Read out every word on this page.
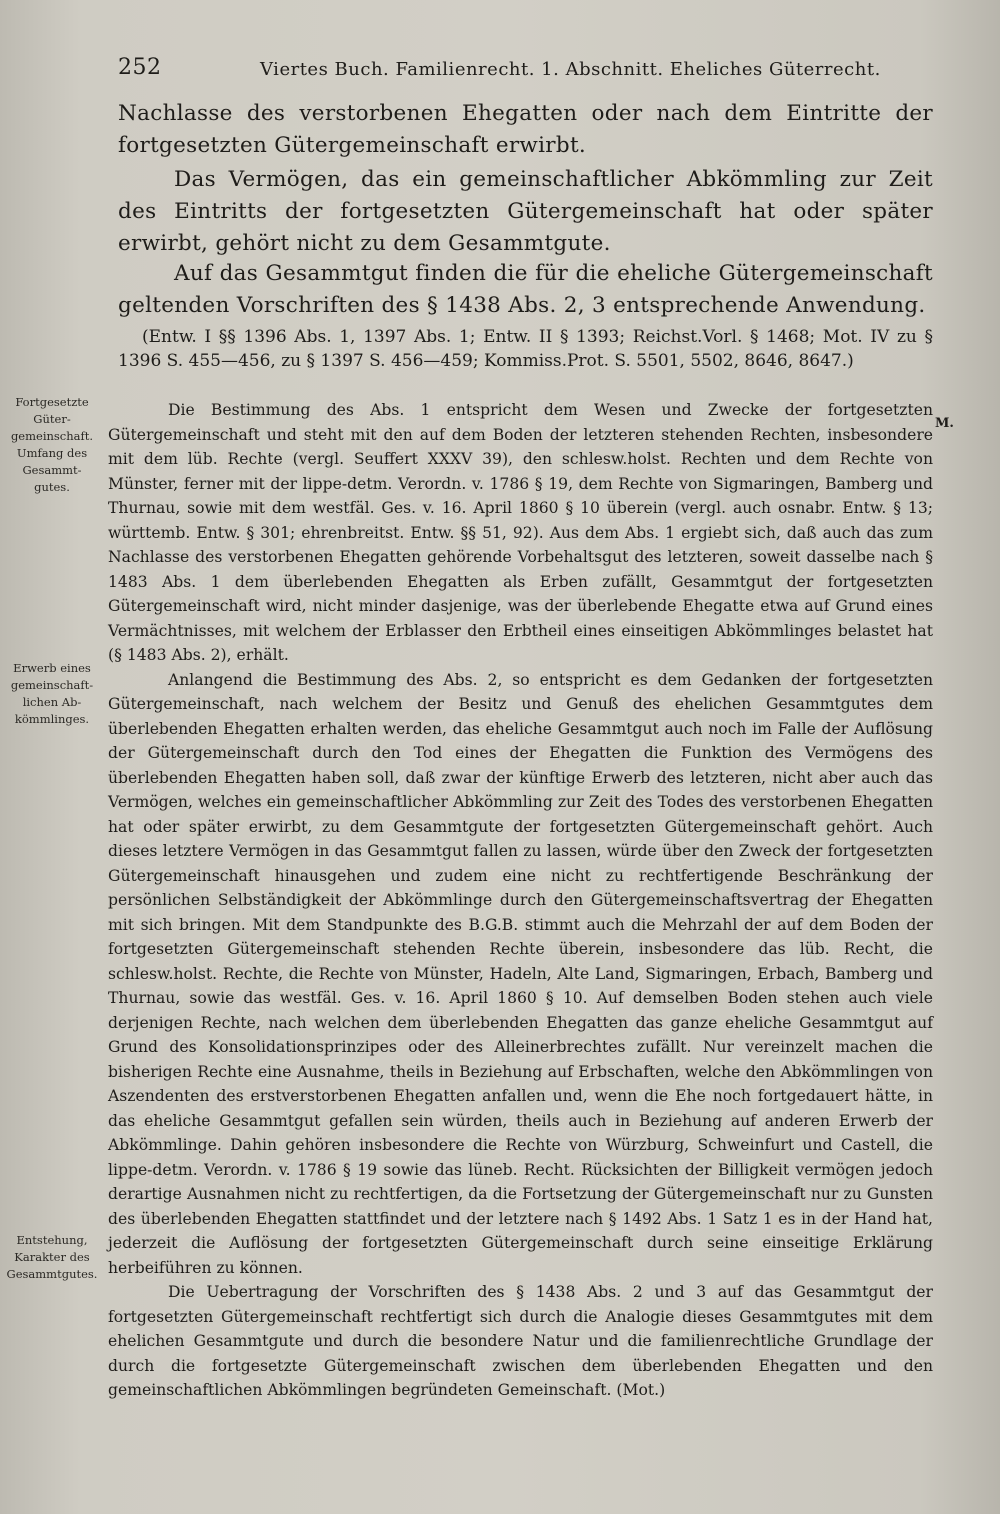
252	Viertes Buch. Familienrecht. 1. Abschnitt. Eheliches Güterrecht.
Nachlasse des verstorbenen Ehegatten oder nach dem Eintritte der fortgesetzten Gütergemeinschaft erwirbt.
Das Vermögen, das ein gemeinschaftlicher Abkömmling zur Zeit des Eintritts der fortgesetzten Gütergemeinschaft hat oder später erwirbt, gehört nicht zu dem Gesammtgute.
Auf das Gesammtgut finden die für die eheliche Gütergemeinschaft geltenden Vorschriften des § 1438 Abs. 2, 3 entsprechende Anwendung.
(Entw. I §§ 1396 Abs. 1, 1397 Abs. 1; Entw. II § 1393; Reichst.Vorl. § 1468; Mot. IV zu § 1396 S. 455—456, zu § 1397 S. 456—459; Kommiss.Prot. S. 5501, 5502, 8646, 8647.)
M.
Fortgesetzte
Güter-
gemeinschaft.
Umfang des
Gesammt-
gutes.
Erwerb eines
gemeinschaft-
lichen Ab-
kömmlinges.
Entstehung,
Karakter des
Gesammtgutes.

Die Bestimmung des Abs. 1 entspricht dem Wesen und Zwecke der fortgesetzten Gütergemeinschaft und steht mit den auf dem Boden der letzteren stehenden Rechten, insbesondere mit dem lüb. Rechte (vergl. Seuffert XXXV 39), den schlesw.holst. Rechten und dem Rechte von Münster, ferner mit der lippe-detm. Verordn. v. 1786 § 19, dem Rechte von Sigmaringen, Bamberg und Thurnau, sowie mit dem westfäl. Ges. v. 16. April 1860 § 10 überein (vergl. auch osnabr. Entw. § 13; württemb. Entw. § 301; ehrenbreitst. Entw. §§ 51, 92). Aus dem Abs. 1 ergiebt sich, daß auch das zum Nachlasse des verstorbenen Ehegatten gehörende Vorbehaltsgut des letzteren, soweit dasselbe nach § 1483 Abs. 1 dem überlebenden Ehegatten als Erben zufällt, Gesammtgut der fortgesetzten Gütergemeinschaft wird, nicht minder dasjenige, was der überlebende Ehegatte etwa auf Grund eines Vermächtnisses, mit welchem der Erblasser den Erbtheil eines einseitigen Abkömmlinges belastet hat (§ 1483 Abs. 2), erhält.

Anlangend die Bestimmung des Abs. 2, so entspricht es dem Gedanken der fortgesetzten Gütergemeinschaft, nach welchem der Besitz und Genuß des ehelichen Gesammtgutes dem überlebenden Ehegatten erhalten werden, das eheliche Gesammtgut auch noch im Falle der Auflösung der Gütergemeinschaft durch den Tod eines der Ehegatten die Funktion des Vermögens des überlebenden Ehegatten haben soll, daß zwar der künftige Erwerb des letzteren, nicht aber auch das Vermögen, welches ein gemeinschaftlicher Abkömmling zur Zeit des Todes des verstorbenen Ehegatten hat oder später erwirbt, zu dem Gesammtgute der fortgesetzten Gütergemeinschaft gehört. Auch dieses letztere Vermögen in das Gesammtgut fallen zu lassen, würde über den Zweck der fortgesetzten Gütergemeinschaft hinausgehen und zudem eine nicht zu rechtfertigende Beschränkung der persönlichen Selbständigkeit der Abkömmlinge durch den Gütergemeinschaftsvertrag der Ehegatten mit sich bringen. Mit dem Standpunkte des B.G.B. stimmt auch die Mehrzahl der auf dem Boden der fortgesetzten Gütergemeinschaft stehenden Rechte überein, insbesondere das lüb. Recht, die schlesw.holst. Rechte, die Rechte von Münster, Hadeln, Alte Land, Sigmaringen, Erbach, Bamberg und Thurnau, sowie das westfäl. Ges. v. 16. April 1860 § 10. Auf demselben Boden stehen auch viele derjenigen Rechte, nach welchen dem überlebenden Ehegatten das ganze eheliche Gesammtgut auf Grund des Konsolidationsprinzipes oder des Alleinerbrechtes zufällt. Nur vereinzelt machen die bisherigen Rechte eine Ausnahme, theils in Beziehung auf Erbschaften, welche den Abkömmlingen von Aszendenten des erstverstorbenen Ehegatten anfallen und, wenn die Ehe noch fortgedauert hätte, in das eheliche Gesammtgut gefallen sein würden, theils auch in Beziehung auf anderen Erwerb der Abkömmlinge. Dahin gehören insbesondere die Rechte von Würzburg, Schweinfurt und Castell, die lippe-detm. Verordn. v. 1786 § 19 sowie das lüneb. Recht. Rücksichten der Billigkeit vermögen jedoch derartige Ausnahmen nicht zu rechtfertigen, da die Fortsetzung der Gütergemeinschaft nur zu Gunsten des überlebenden Ehegatten stattfindet und der letztere nach § 1492 Abs. 1 Satz 1 es in der Hand hat, jederzeit die Auflösung der fortgesetzten Gütergemeinschaft durch seine einseitige Erklärung herbeiführen zu können.

Die Uebertragung der Vorschriften des § 1438 Abs. 2 und 3 auf das Gesammtgut der fortgesetzten Gütergemeinschaft rechtfertigt sich durch die Analogie dieses Gesammtgutes mit dem ehelichen Gesammtgute und durch die besondere Natur und die familienrechtliche Grundlage der durch die fortgesetzte Gütergemeinschaft zwischen dem überlebenden Ehegatten und den gemeinschaftlichen Abkömmlingen begründeten Gemeinschaft. (Mot.)
